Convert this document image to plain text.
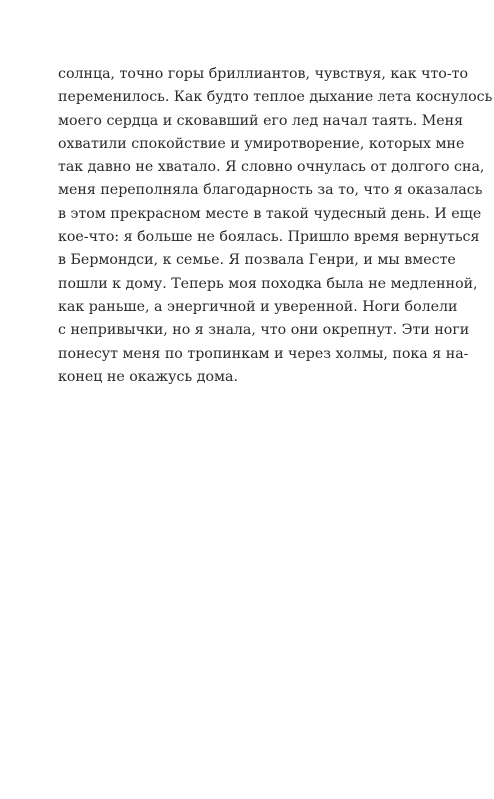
солнца, точно горы бриллиантов, чувствуя, как что-то
переменилось. Как будто теплое дыхание лета коснулось
моего сердца и сковавший его лед начал таять. Меня
охватили спокойствие и умиротворение, которых мне
так давно не хватало. Я словно очнулась от долгого сна,
меня переполняла благодарность за то, что я оказалась
в этом прекрасном месте в такой чудесный день. И еще
кое-что: я больше не боялась. Пришло время вернуться
в Бермондси, к семье. Я позвала Генри, и мы вместе
пошли к дому. Теперь моя походка была не медленной,
как раньше, а энергичной и уверенной. Ноги болели
с непривычки, но я знала, что они окрепнут. Эти ноги
понесут меня по тропинкам и через холмы, пока я на-
конец не окажусь дома.
